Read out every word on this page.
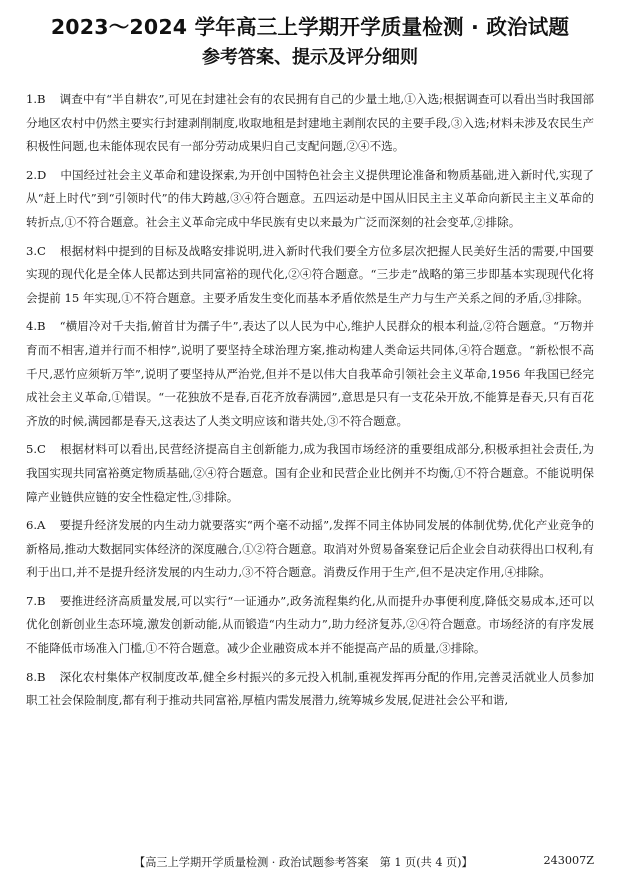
2023～2024 学年高三上学期开学质量检测 · 政治试题
参考答案、提示及评分细则

1.B 调查中有“半自耕农”,可见在封建社会有的农民拥有自己的少量土地,①入选;根据调查可以看出当时我国部分地区农村中仍然主要实行封建剥削制度,收取地租是封建地主剥削农民的主要手段,③入选;材料未涉及农民生产积极性问题,也未能体现农民有一部分劳动成果归自己支配问题,②④不选。

2.D 中国经过社会主义革命和建设探索,为开创中国特色社会主义提供理论准备和物质基础,进入新时代,实现了从“赶上时代”到“引领时代”的伟大跨越,③④符合题意。五四运动是中国从旧民主主义革命向新民主主义革命的转折点,①不符合题意。社会主义革命完成中华民族有史以来最为广泛而深刻的社会变革,②排除。

3.C 根据材料中提到的目标及战略安排说明,进入新时代我们要全方位多层次把握人民美好生活的需要,中国要实现的现代化是全体人民都达到共同富裕的现代化,②④符合题意。“三步走”战略的第三步即基本实现现代化将会提前 15 年实现,①不符合题意。主要矛盾发生变化而基本矛盾依然是生产力与生产关系之间的矛盾,③排除。

4.B “横眉冷对千夫指,俯首甘为孺子牛”,表达了以人民为中心,维护人民群众的根本利益,②符合题意。“万物并育而不相害,道并行而不相悖”,说明了要坚持全球治理方案,推动构建人类命运共同体,④符合题意。“新松恨不高千尺,恶竹应须斩万竿”,说明了要坚持从严治党,但并不是以伟大自我革命引领社会主义革命,1956 年我国已经完成社会主义革命,①错误。“一花独放不是春,百花齐放春满园”,意思是只有一支花朵开放,不能算是春天,只有百花齐放的时候,满园都是春天,这表达了人类文明应该和谐共处,③不符合题意。

5.C 根据材料可以看出,民营经济提高自主创新能力,成为我国市场经济的重要组成部分,积极承担社会责任,为我国实现共同富裕奠定物质基础,②④符合题意。国有企业和民营企业比例并不均衡,①不符合题意。不能说明保障产业链供应链的安全性稳定性,③排除。

6.A 要提升经济发展的内生动力就要落实“两个毫不动摇”,发挥不同主体协同发展的体制优势,优化产业竞争的新格局,推动大数据同实体经济的深度融合,①②符合题意。取消对外贸易备案登记后企业会自动获得出口权利,有利于出口,并不是提升经济发展的内生动力,③不符合题意。消费反作用于生产,但不是决定作用,④排除。

7.B 要推进经济高质量发展,可以实行“一证通办”,政务流程集约化,从而提升办事便利度,降低交易成本,还可以优化创新创业生态环境,激发创新动能,从而锻造“内生动力”,助力经济复苏,②④符合题意。市场经济的有序发展不能降低市场准入门槛,①不符合题意。减少企业融资成本并不能提高产品的质量,③排除。

8.B 深化农村集体产权制度改革,健全乡村振兴的多元投入机制,重视发挥再分配的作用,完善灵活就业人员参加职工社会保险制度,都有利于推动共同富裕,厚植内需发展潜力,统筹城乡发展,促进社会公平和谐,

【高三上学期开学质量检测 · 政治试题参考答案　第 1 页(共 4 页)】	243007Z
